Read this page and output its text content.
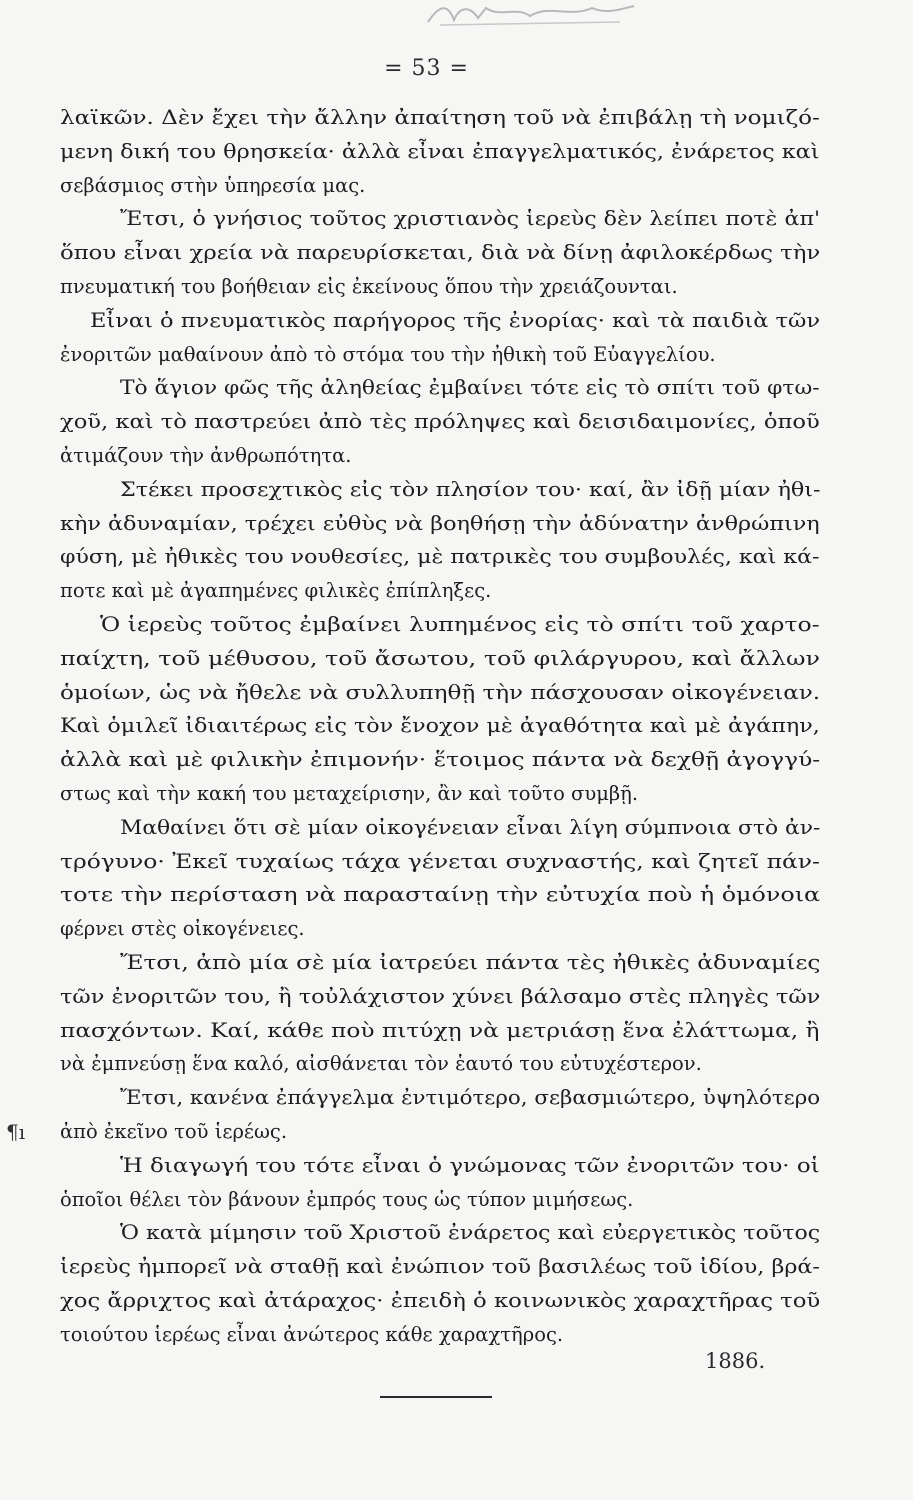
= 53 =
¶ı
λαϊκῶν. Δὲν ἔχει τὴν ἄλλην ἀπαίτηση τοῦ νὰ ἐπιβάλῃ τὴ νομιζό-
μενη δική του θρησκεία· ἀλλὰ εἶναι ἐπαγγελματικός, ἐνάρετος καὶ
σεβάσμιος στὴν ὑπηρεσία μας.
Ἔτσι, ὁ γνήσιος τοῦτος χριστιανὸς ἱερεὺς δὲν λείπει ποτὲ ἀπ'
ὅπου εἶναι χρεία νὰ παρευρίσκεται, διὰ νὰ δίνῃ ἀφιλοκέρδως τὴν
πνευματική του βοήθειαν εἰς ἐκείνους ὅπου τὴν χρειάζουνται.
Εἶναι ὁ πνευματικὸς παρήγορος τῆς ἐνορίας· καὶ τὰ παιδιὰ τῶν
ἐνοριτῶν μαθαίνουν ἀπὸ τὸ στόμα του τὴν ἠθικὴ τοῦ Εὐαγγελίου.
Τὸ ἅγιον φῶς τῆς ἀληθείας ἐμβαίνει τότε εἰς τὸ σπίτι τοῦ φτω-
χοῦ, καὶ τὸ παστρεύει ἀπὸ τὲς πρόληψες καὶ δεισιδαιμονίες, ὁποῦ
ἀτιμάζουν τὴν ἀνθρωπότητα.
Στέκει προσεχτικὸς εἰς τὸν πλησίον του· καί, ἂν ἰδῇ μίαν ἠθι-
κὴν ἀδυναμίαν, τρέχει εὐθὺς νὰ βοηθήσῃ τὴν ἀδύνατην ἀνθρώπινη
φύση, μὲ ἠθικὲς του νουθεσίες, μὲ πατρικὲς του συμβουλές, καὶ κά-
ποτε καὶ μὲ ἀγαπημένες φιλικὲς ἐπίπληξες.
Ὁ ἱερεὺς τοῦτος ἐμβαίνει λυπημένος εἰς τὸ σπίτι τοῦ χαρτο-
παίχτη, τοῦ μέθυσου, τοῦ ἄσωτου, τοῦ φιλάργυρου, καὶ ἄλλων
ὁμοίων, ὡς νὰ ἤθελε νὰ συλλυπηθῇ τὴν πάσχουσαν οἰκογένειαν.
Καὶ ὁμιλεῖ ἰδιαιτέρως εἰς τὸν ἔνοχον μὲ ἀγαθότητα καὶ μὲ ἀγάπην,
ἀλλὰ καὶ μὲ φιλικὴν ἐπιμονήν· ἕτοιμος πάντα νὰ δεχθῇ ἀγογγύ-
στως καὶ τὴν κακή του μεταχείρισην, ἂν καὶ τοῦτο συμβῇ.
Μαθαίνει ὅτι σὲ μίαν οἰκογένειαν εἶναι λίγη σύμπνοια στὸ ἀν-
τρόγυνο· Ἐκεῖ τυχαίως τάχα γένεται συχναστής, καὶ ζητεῖ πάν-
τοτε τὴν περίσταση νὰ παρασταίνῃ τὴν εὐτυχία ποὺ ἡ ὁμόνοια
φέρνει στὲς οἰκογένειες.
Ἔτσι, ἀπὸ μία σὲ μία ἰατρεύει πάντα τὲς ἠθικὲς ἀδυναμίες
τῶν ἐνοριτῶν του, ἢ τοὐλάχιστον χύνει βάλσαμο στὲς πληγὲς τῶν
πασχόντων. Καί, κάθε ποὺ πιτύχῃ νὰ μετριάσῃ ἕνα ἐλάττωμα, ἢ
νὰ ἐμπνεύσῃ ἕνα καλό, αἰσθάνεται τὸν ἑαυτό του εὐτυχέστερον.
Ἔτσι, κανένα ἐπάγγελμα ἐντιμότερο, σεβασμιώτερο, ὑψηλότερο
ἀπὸ ἐκεῖνο τοῦ ἱερέως.
Ἡ διαγωγή του τότε εἶναι ὁ γνώμονας τῶν ἐνοριτῶν του· οἱ
ὁποῖοι θέλει τὸν βάνουν ἐμπρός τους ὡς τύπον μιμήσεως.
Ὁ κατὰ μίμησιν τοῦ Χριστοῦ ἐνάρετος καὶ εὐεργετικὸς τοῦτος
ἱερεὺς ἠμπορεῖ νὰ σταθῇ καὶ ἐνώπιον τοῦ βασιλέως τοῦ ἰδίου, βρά-
χος ἄρριχτος καὶ ἀτάραχος· ἐπειδὴ ὁ κοινωνικὸς χαραχτῆρας τοῦ
τοιούτου ἱερέως εἶναι ἀνώτερος κάθε χαραχτῆρος.
1886.
